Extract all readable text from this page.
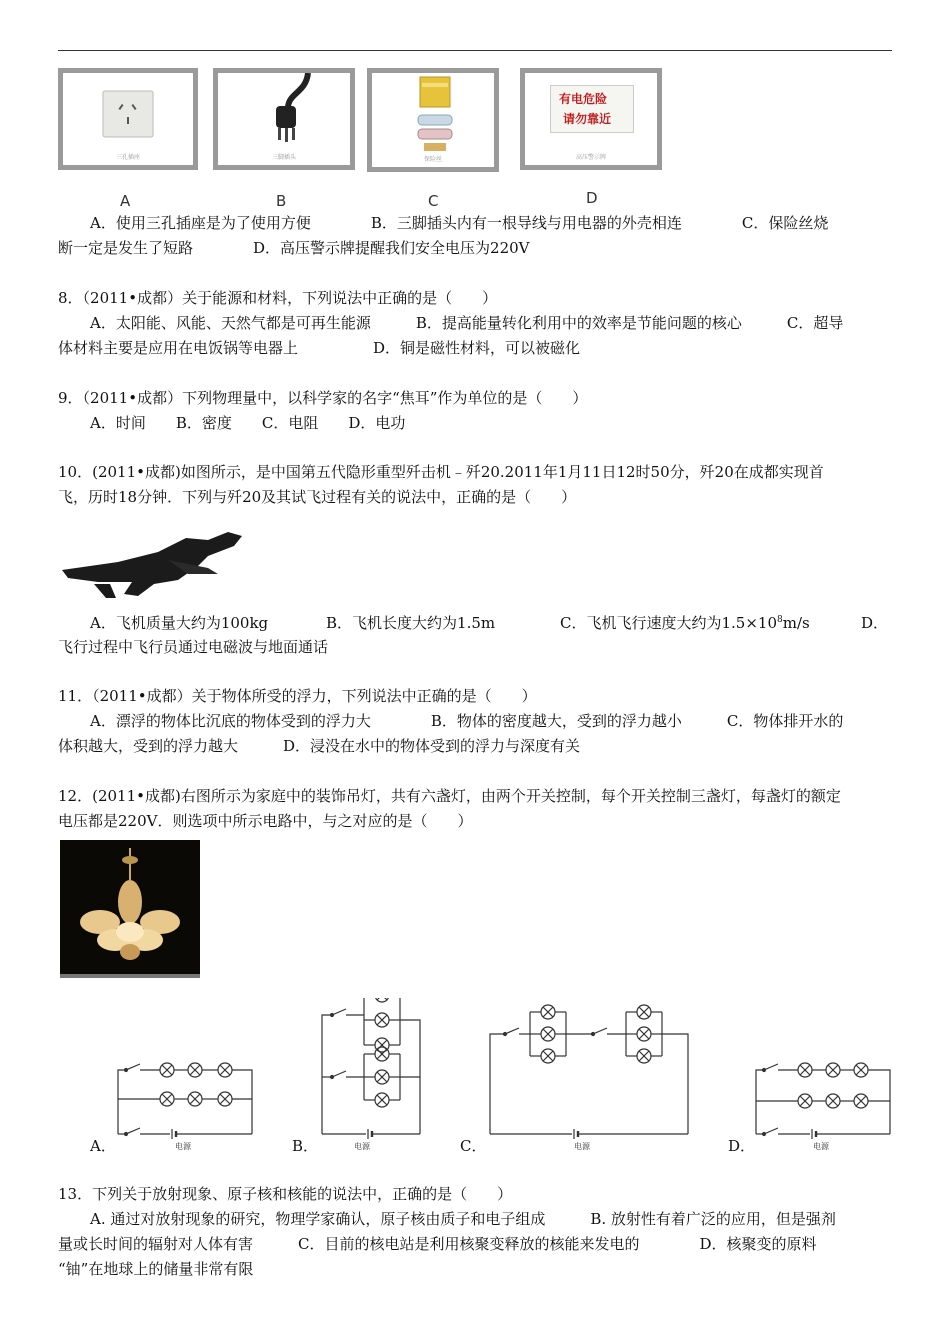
三孔插座	三脚插头	保险丝
有电危险
请勿靠近
高压警示牌
A	B	C	D
A．使用三孔插座是为了使用方便　　　　B．三脚插头内有一根导线与用电器的外壳相连　　　　C．保险丝烧
断一定是发生了短路　　　　D．高压警示牌提醒我们安全电压为220V
8．（2011•成都）关于能源和材料，下列说法中正确的是（　　）
A．太阳能、风能、天然气都是可再生能源　　　B．提高能量转化利用中的效率是节能问题的核心　　　C．超导
体材料主要是应用在电饭锅等电器上　　　　　D．铜是磁性材料，可以被磁化
9．（2011•成都）下列物理量中，以科学家的名字“焦耳”作为单位的是（　　）
A．时间　　B．密度　　C．电阻　　D．电功
10．(2011•成都)如图所示，是中国第五代隐形重型歼击机﹣歼20.2011年1月11日12时50分，歼20在成都实现首
飞，历时18分钟．下列与歼20及其试飞过程有关的说法中，正确的是（　　）
A．飞机质量大约为100kg	B．飞机长度大约为1.5m	C．飞机飞行速度大约为$1.5\times 10^8m/s$	D．
飞行过程中飞行员通过电磁波与地面通话
11．（2011•成都）关于物体所受的浮力，下列说法中正确的是（　　）
A．漂浮的物体比沉底的物体受到的浮力大　　　　B．物体的密度越大，受到的浮力越小　　　C．物体排开水的
体积越大，受到的浮力越大　　　D．浸没在水中的物体受到的浮力与深度有关
12．(2011•成都)右图所示为家庭中的装饰吊灯，共有六盏灯，由两个开关控制，每个开关控制三盏灯，每盏灯的额定
电压都是220V．则选项中所示电路中，与之对应的是（　　）
电源	电源	电源	电源
A．	B．	C．	D．
13．下列关于放射现象、原子核和核能的说法中，正确的是（　　）
A. 通过对放射现象的研究，物理学家确认，原子核由质子和电子组成　　　B. 放射性有着广泛的应用，但是强剂
量或长时间的辐射对人体有害　　　C．目前的核电站是利用核聚变释放的核能来发电的　　　　D．核聚变的原料
“铀”在地球上的储量非常有限
